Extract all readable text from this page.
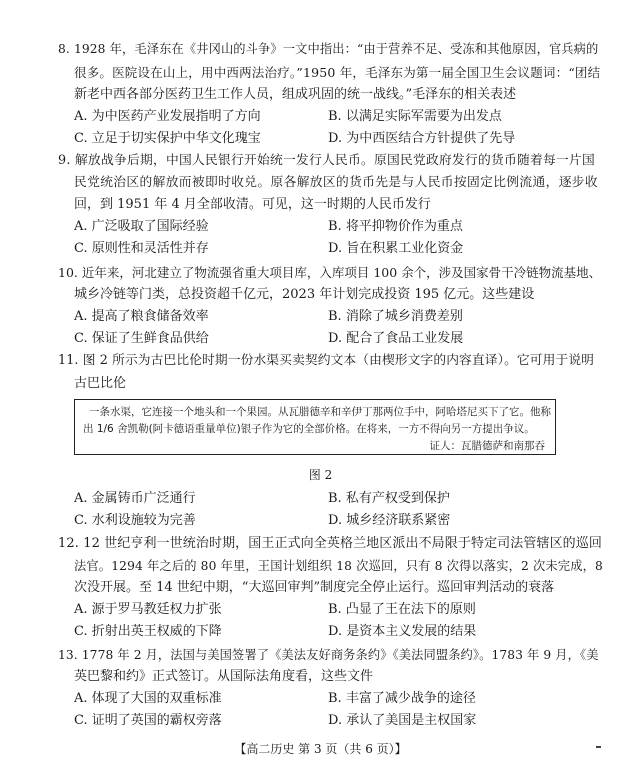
8. 1928 年，毛泽东在《井冈山的斗争》一文中指出：“由于营养不足、受冻和其他原因，官兵病的
很多。医院设在山上，用中西两法治疗。”1950 年，毛泽东为第一届全国卫生会议题词：“团结
新老中西各部分医药卫生工作人员，组成巩固的统一战线。”毛泽东的相关表述
A. 为中医药产业发展指明了方向	B. 以满足实际军需要为出发点
C. 立足于切实保护中华文化瑰宝	D. 为中西医结合方针提供了先导
9. 解放战争后期，中国人民银行开始统一发行人民币。原国民党政府发行的货币随着每一片国
民党统治区的解放而被即时收兑。原各解放区的货币先是与人民币按固定比例流通，逐步收
回，到 1951 年 4 月全部收清。可见，这一时期的人民币发行
A. 广泛吸取了国际经验	B. 将平抑物价作为重点
C. 原则性和灵活性并存	D. 旨在积累工业化资金
10. 近年来，河北建立了物流强省重大项目库，入库项目 100 余个，涉及国家骨干冷链物流基地、
城乡冷链等门类，总投资超千亿元，2023 年计划完成投资 195 亿元。这些建设
A. 提高了粮食储备效率	B. 消除了城乡消费差别
C. 保证了生鲜食品供给	D. 配合了食品工业发展
11. 图 2 所示为古巴比伦时期一份水渠买卖契约文本（由楔形文字的内容直译）。它可用于说明
古巴比伦
一条水渠，它连接一个地头和一个果园。从瓦腊德辛和辛伊丁那两位手中，阿哈塔尼买下了它。他称
出 1/6 舍凯勒(阿卡德语重量单位)银子作为它的全部价格。在将来，一方不得向另一方提出争议。
证人：瓦腊德萨和南那吞
图 2
A. 金属铸币广泛通行	B. 私有产权受到保护
C. 水利设施较为完善	D. 城乡经济联系紧密
12. 12 世纪亨利一世统治时期，国王正式向全英格兰地区派出不局限于特定司法管辖区的巡回
法官。1294 年之后的 80 年里，王国计划组织 18 次巡回，只有 8 次得以落实，2 次未完成，8
次没开展。至 14 世纪中期，“大巡回审判”制度完全停止运行。巡回审判活动的衰落
A. 源于罗马教廷权力扩张	B. 凸显了王在法下的原则
C. 折射出英王权威的下降	D. 是资本主义发展的结果
13. 1778 年 2 月，法国与美国签署了《美法友好商务条约》《美法同盟条约》。1783 年 9 月，《美
英巴黎和约》正式签订。从国际法角度看，这些文件
A. 体现了大国的双重标准	B. 丰富了减少战争的途径
C. 证明了英国的霸权旁落	D. 承认了美国是主权国家
【高二历史 第 3 页（共 6 页）】
